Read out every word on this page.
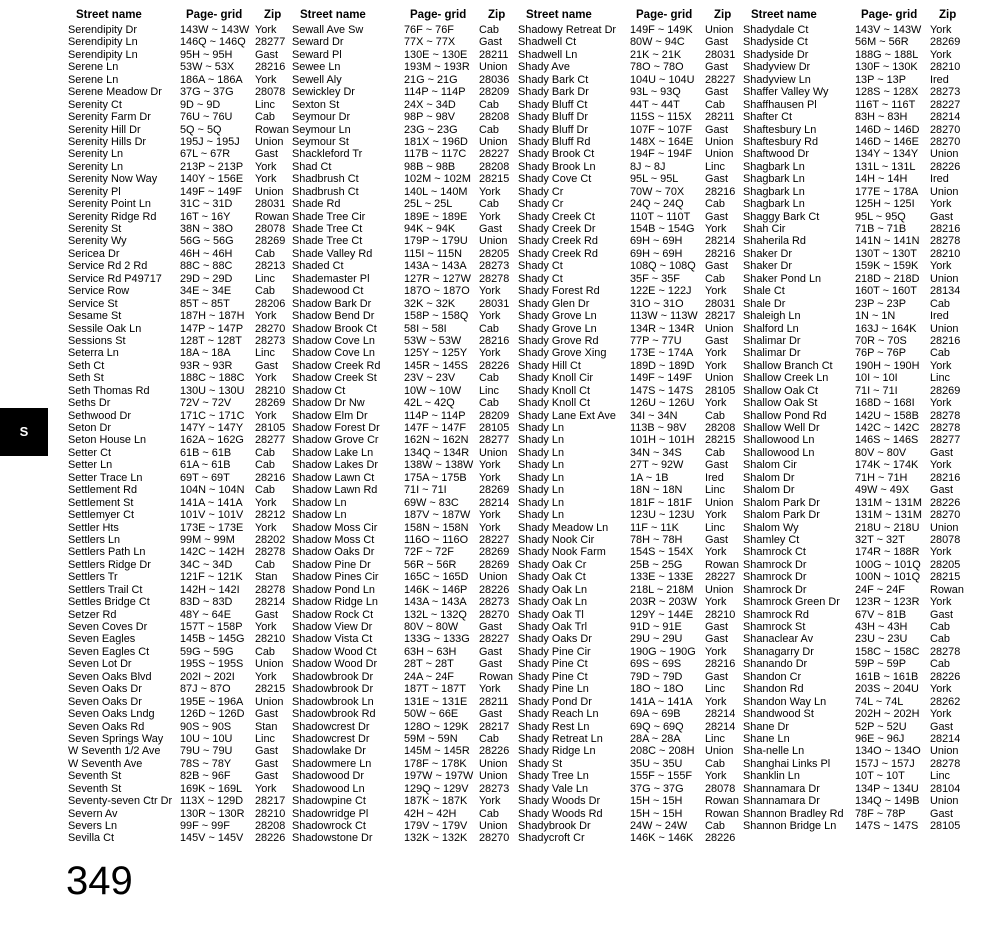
S
349
Street name	Page- grid Zip
Serendipity Dr	143W ~ 143W York
Serendipity Ln	146Q ~ 146Q 28277
Serendipity Ln	95H ~ 95H Gast
Serene Ln	53W ~ 53X 28216
Serene Ln	186A ~ 186A York
Serene Meadow Dr 37G ~ 37G 28078
Serenity Ct	9D ~ 9D	Linc
Serenity Farm Dr	76U ~ 76U Cab
Serenity Hill Dr	5Q ~ 5Q	Rowan
Serenity Hills Dr	195J ~ 195J Union
Serenity Ln	67L ~ 67R Gast
Serenity Ln	213P ~ 213P York
Serenity Now Way 140Y ~ 156E York
Serenity Pl	149F ~ 149F Union
Serenity Point Ln	31C ~ 31D 28031
Serenity Ridge Rd 16T ~ 16Y Rowan
Serenity St	38N ~ 38O 28078
Serenity Wy	56G ~ 56G 28269
Sericea Dr	46H ~ 46H Cab
Service Rd 2 Rd	88C ~ 88C 28213
Service Rd P49717 29D ~ 29D Linc
Service Row	34E ~ 34E Cab
Service St	85T ~ 85T 28206
Sesame St	187H ~ 187H York
Sessile Oak Ln	147P ~ 147P 28270
Sessions St	128T ~ 128T 28273
Seterra Ln	18A ~ 18A Linc
Seth Ct	93R ~ 93R Gast
Seth St	188C ~ 188C York
Seth Thomas Rd	130U ~ 130U 28210
Seths Dr	72V ~ 72V 28269
Sethwood Dr	171C ~ 171C York
Seton Dr	147Y ~ 147Y 28105
Seton House Ln	162A ~ 162G 28277
Setter Ct	61B ~ 61B Cab
Setter Ln	61A ~ 61B Cab
Setter Trace Ln	69T ~ 69T 28216
Settlement Rd	104N ~ 104N Cab
Settlement St	141A ~ 141A York
Settlemyer Ct	101V ~ 101V 28212
Settler Hts	173E ~ 173E York
Settlers Ln	99M ~ 99M 28202
Settlers Path Ln	142C ~ 142H 28278
Settlers Ridge Dr	34C ~ 34D Cab
Settlers Tr	121F ~ 121K Stan
Settlers Trail Ct	142H ~ 142I 28278
Settles Bridge Ct	83D ~ 83D 28214
Setzer Rd	48Y ~ 64E Gast
Seven Coves Dr	157T ~ 158P York
Seven Eagles	145B ~ 145G 28210
Seven Eagles Ct	59G ~ 59G Cab
Seven Lot Dr	195S ~ 195S Union
Seven Oaks Blvd	202I ~ 202I York
Seven Oaks Dr	87J ~ 87O 28215
Seven Oaks Dr	195E ~ 196A Union
Seven Oaks Lndg 126D ~ 126D Gast
Seven Oaks Rd	90S ~ 90S Stan
Seven Springs Way 10U ~ 10U Linc
W Seventh 1/2 Ave 79U ~ 79U Gast
W Seventh Ave	78S ~ 78Y Gast
Seventh St	82B ~ 96F Gast
Seventh St	169K ~ 169L York
Seventy-seven Ctr Dr 113X ~ 129D 28217
Severn Av	130R ~ 130R 28210
Severs Ln	99F ~ 99F 28208
Sevilla Ct	145V ~ 145V 28226
Street name	Page- grid Zip
Sewall Ave Sw	76F ~ 76F Cab
Seward Dr	77X ~ 77X Gast
Seward Pl	130E ~ 130E 28211
Sewee Ln	193M ~ 193R Union
Sewell Aly	21G ~ 21G 28036
Sewickley Dr	114P ~ 114P 28209
Sexton St	24X ~ 34D Cab
Seymour Dr	98P ~ 98V 28208
Seymour Ln	23G ~ 23G Cab
Seymour St	181X ~ 196D Union
Shackleford Tr	117B ~ 117C 28227
Shad Ct	98B ~ 98B 28208
Shadbrush Ct	102M ~ 102M 28215
Shadbrush Ct	140L ~ 140M York
Shade Rd	25L ~ 25L Cab
Shade Tree Cir	189E ~ 189E York
Shade Tree Ct	94K ~ 94K Gast
Shade Tree Ct	179P ~ 179U Union
Shade Valley Rd	115I ~ 115N 28205
Shaded Ct	143A ~ 143A 28273
Shademaster Pl	127R ~ 127W 28278
Shadewood Ct	187O ~ 187O York
Shadow Bark Dr	32K ~ 32K 28031
Shadow Bend Dr	158P ~ 158Q York
Shadow Brook Ct	58I ~ 58I	Cab
Shadow Cove Ln	53W ~ 53W 28216
Shadow Cove Ln	125Y ~ 125Y York
Shadow Creek Rd 145R ~ 145S 28226
Shadow Creek St	23V ~ 23V Cab
Shadow Ct	10W ~ 10W Linc
Shadow Dr Nw	42L ~ 42Q Cab
Shadow Elm Dr	114P ~ 114P 28209
Shadow Forest Dr 147F ~ 147F 28105
Shadow Grove Cr 162N ~ 162N 28277
Shadow Lake Ln	134Q ~ 134R Union
Shadow Lakes Dr 138W ~ 138W York
Shadow Lawn Ct	175A ~ 175B York
Shadow Lawn Rd 71I ~ 71I	28269
Shadow Ln	69W ~ 83C 28214
Shadow Ln	187V ~ 187W York
Shadow Moss Cir 158N ~ 158N York
Shadow Moss Ct	116O ~ 116O 28227
Shadow Oaks Dr	72F ~ 72F 28269
Shadow Pine Dr	56R ~ 56R 28269
Shadow Pines Cir 165C ~ 165D Union
Shadow Pond Ln	146K ~ 146P 28226
Shadow Ridge Ln 143A ~ 143A 28273
Shadow Rock Ct	132L ~ 132Q 28270
Shadow View Dr	80V ~ 80W Gast
Shadow Vista Ct	133G ~ 133G 28227
Shadow Wood Ct	63H ~ 63H Gast
Shadow Wood Dr 28T ~ 28T Gast
Shadowbrook Dr	24A ~ 24F Rowan
Shadowbrook Dr	187T ~ 187T York
Shadowbrook Ln	131E ~ 131E 28211
Shadowbrook Rd	50W ~ 66E Gast
Shadowcrest Dr	128O ~ 129K 28217
Shadowcrest Dr	59M ~ 59N Cab
Shadowlake Dr	145M ~ 145R 28226
Shadowmere Ln	178F ~ 178K Union
Shadowood Dr	197W ~ 197W Union
Shadowood Ln	129Q ~ 129V 28273
Shadowpine Ct	187K ~ 187K York
Shadowridge Pl	42H ~ 42H Cab
Shadowrock Ct	179V ~ 179V Union
Shadowstone Dr	132K ~ 132K 28270
Street name	Page- grid Zip
Shadowy Retreat Dr 149F ~ 149K Union
Shadwell Ct	80W ~ 94C Gast
Shadwell Ln	21K ~ 21K 28031
Shady Ave	78O ~ 78O Gast
Shady Bark Ct	104U ~ 104U 28227
Shady Bark Dr	93L ~ 93Q Gast
Shady Bluff Ct	44T ~ 44T Cab
Shady Bluff Dr	115S ~ 115X 28211
Shady Bluff Dr	107F ~ 107F Gast
Shady Bluff Rd	148X ~ 164E Union
Shady Brook Ct	194F ~ 194F Union
Shady Brook Ln	8J ~ 8J	Linc
Shady Cove Ct	95L ~ 95L Gast
Shady Cr	70W ~ 70X 28216
Shady Cr	24Q ~ 24Q Cab
Shady Creek Ct	110T ~ 110T Gast
Shady Creek Dr	154B ~ 154G York
Shady Creek Rd	69H ~ 69H 28214
Shady Creek Rd	69H ~ 69H 28216
Shady Ct	108Q ~ 108Q Gast
Shady Ct	35F ~ 35F Cab
Shady Forest Rd	122E ~ 122J York
Shady Glen Dr	31O ~ 31O 28031
Shady Grove Ln	113W ~ 113W 28217
Shady Grove Ln	134R ~ 134R Union
Shady Grove Rd	77P ~ 77U Gast
Shady Grove Xing 173E ~ 174A York
Shady Hill Ct	189D ~ 189D York
Shady Knoll Cir	149F ~ 149F Union
Shady Knoll Ct	147S ~ 147S 28105
Shady Knoll Ct	126U ~ 126U York
Shady Lane Ext Ave 34I ~ 34N	Cab
Shady Ln	113B ~ 98V 28208
Shady Ln	101H ~ 101H 28215
Shady Ln	34N ~ 34S Cab
Shady Ln	27T ~ 92W Gast
Shady Ln	1A ~ 1B	Ired
Shady Ln	18N ~ 18N Linc
Shady Ln	181F ~ 181F Union
Shady Ln	123U ~ 123U York
Shady Meadow Ln 11F ~ 11K Linc
Shady Nook Cir	78H ~ 78H Gast
Shady Nook Farm 154S ~ 154X York
Shady Oak Cr	25B ~ 25G Rowan
Shady Oak Ct	133E ~ 133E 28227
Shady Oak Ln	218L ~ 218M Union
Shady Oak Ln	203R ~ 203W York
Shady Oak Tl	129Y ~ 144E 28210
Shady Oak Trl	91D ~ 91E Gast
Shady Oaks Dr	29U ~ 29U Gast
Shady Pine Cir	190G ~ 190G York
Shady Pine Ct	69S ~ 69S 28216
Shady Pine Ct	79D ~ 79D Gast
Shady Pine Ln	18O ~ 18O Linc
Shady Pond Dr	141A ~ 141A York
Shady Reach Ln	69A ~ 69B 28214
Shady Rest Ln	69Q ~ 69Q 28214
Shady Retreat Ln 28A ~ 28A Linc
Shady Ridge Ln	208C ~ 208H Union
Shady St	35U ~ 35U Cab
Shady Tree Ln	155F ~ 155F York
Shady Vale Ln	37G ~ 37G 28078
Shady Woods Dr	15H ~ 15H Rowan
Shady Woods Rd	15H ~ 15H Rowan
Shadybrook Dr	24W ~ 24W Cab
Shadycroft Cr	146K ~ 146K 28226
Street name	Page- grid Zip
Shadydale Ct	143V ~ 143W York
Shadyside Ct	56M ~ 56R 28269
Shadyside Dr	188G ~ 188L York
Shadyview Dr	130F ~ 130K 28210
Shadyview Ln	13P ~ 13P Ired
Shaffer Valley Wy 128S ~ 128X 28273
Shaffhausen Pl	116T ~ 116T 28227
Shafter Ct	83H ~ 83H 28214
Shaftesbury Ln	146D ~ 146D 28270
Shaftesbury Rd	146D ~ 146E 28270
Shaftwood Dr	134Y ~ 134Y Union
Shagbark Ln	131L ~ 131L 28226
Shagbark Ln	14H ~ 14H Ired
Shagbark Ln	177E ~ 178A Union
Shagbark Ln	125H ~ 125I York
Shaggy Bark Ct	95L ~ 95Q Gast
Shah Cir	71B ~ 71B 28216
Shaherila Rd	141N ~ 141N 28278
Shaker Dr	130T ~ 130T 28210
Shaker Dr	159K ~ 159K York
Shaker Pond Ln	218D ~ 218D Union
Shale Ct	160T ~ 160T 28134
Shale Dr	23P ~ 23P Cab
Shaleigh Ln	1N ~ 1N	Ired
Shalford Ln	163J ~ 164K Union
Shalimar Dr	70R ~ 70S 28216
Shalimar Dr	76P ~ 76P Cab
Shallow Branch Ct 190H ~ 190H York
Shallow Creek Ln 10I ~ 10I	Linc
Shallow Oak Ct	71I ~ 71I	28269
Shallow Oak St	168D ~ 168I York
Shallow Pond Rd	142U ~ 158B 28278
Shallow Well Dr	142C ~ 142C 28278
Shallowood Ln	146S ~ 146S 28277
Shallowood Ln	80V ~ 80V Gast
Shalom Cir	174K ~ 174K York
Shalom Dr	71H ~ 71H 28216
Shalom Dr	49W ~ 49X Gast
Shalom Park Dr	131M ~ 131M 28226
Shalom Park Dr	131M ~ 131M 28270
Shalom Wy	218U ~ 218U Union
Shamley Ct	32T ~ 32T 28078
Shamrock Ct	174R ~ 188R York
Shamrock Dr	100G ~ 101Q 28205
Shamrock Dr	100N ~ 101Q 28215
Shamrock Dr	24F ~ 24F Rowan
Shamrock Green Dr 123R ~ 123R York
Shamrock Rd	67V ~ 81B Gast
Shamrock St	43H ~ 43H Cab
Shanaclear Av	23U ~ 23U Cab
Shanagarry Dr	158C ~ 158C 28278
Shanando Dr	59P ~ 59P Cab
Shandon Cr	161B ~ 161B 28226
Shandon Rd	203S ~ 204U York
Shandon Way Ln	74L ~ 74L 28262
Shandwood St	202H ~ 202H York
Shane Dr	52P ~ 52U Gast
Shane Ln	96E ~ 96J 28214
Sha-nelle Ln	134O ~ 134O Union
Shanghai Links Pl 157J ~ 157J 28278
Shanklin Ln	10T ~ 10T Linc
Shannamara Dr	134P ~ 134U 28104
Shannamara Dr	134Q ~ 149B Union
Shannon Bradley Rd 78F ~ 78P Gast
Shannon Bridge Ln 147S ~ 147S 28105
